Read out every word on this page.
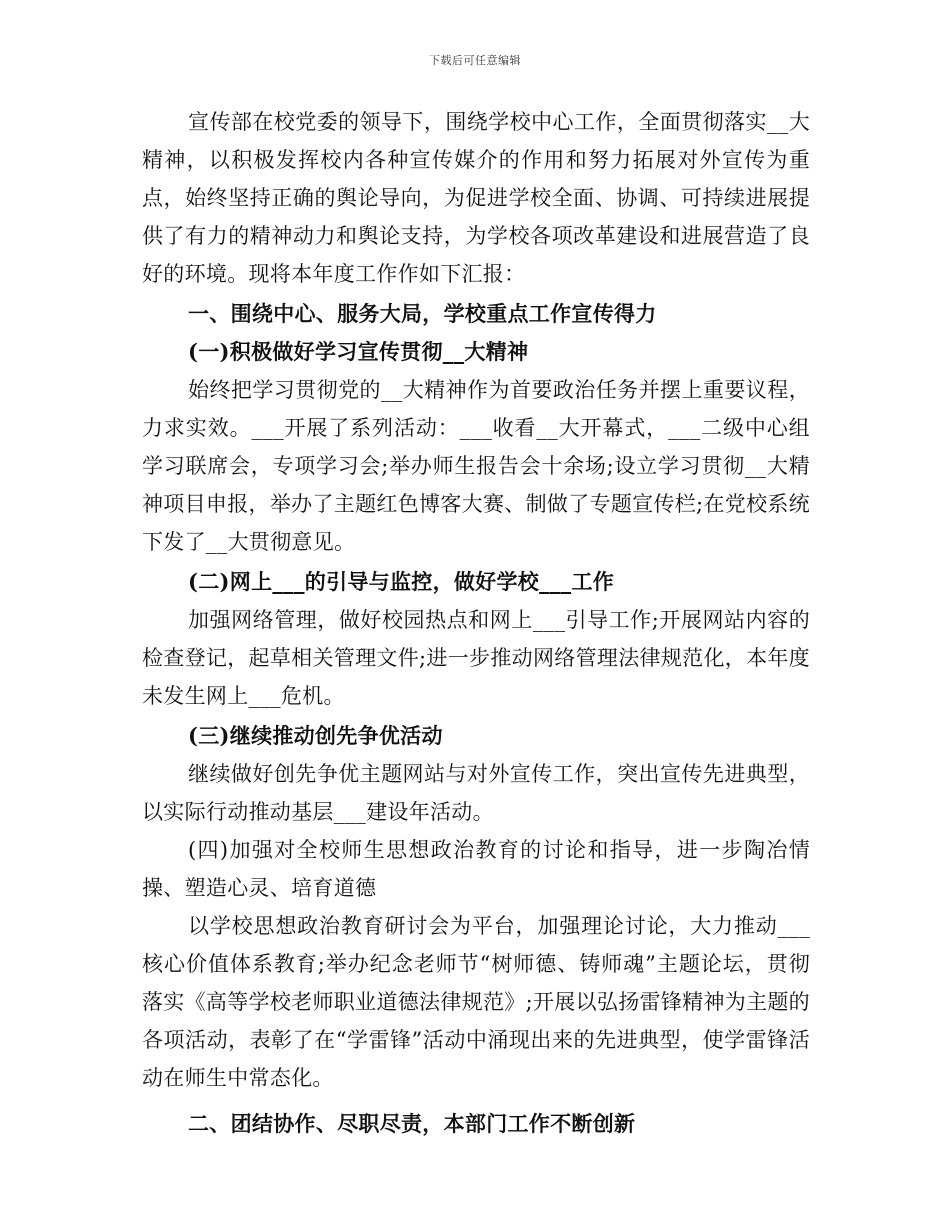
下载后可任意编辑

宣传部在校党委的领导下，围绕学校中心工作，全面贯彻落实__大精神，以积极发挥校内各种宣传媒介的作用和努力拓展对外宣传为重点，始终坚持正确的舆论导向，为促进学校全面、协调、可持续进展提供了有力的精神动力和舆论支持，为学校各项改革建设和进展营造了良好的环境。现将本年度工作作如下汇报：

一、围绕中心、服务大局，学校重点工作宣传得力

(一)积极做好学习宣传贯彻__大精神

始终把学习贯彻党的__大精神作为首要政治任务并摆上重要议程，力求实效。___开展了系列活动：___收看__大开幕式，___二级中心组学习联席会，专项学习会;举办师生报告会十余场;设立学习贯彻__大精神项目申报，举办了主题红色博客大赛、制做了专题宣传栏;在党校系统下发了__大贯彻意见。

(二)网上___的引导与监控，做好学校___工作

加强网络管理，做好校园热点和网上___引导工作;开展网站内容的检查登记，起草相关管理文件;进一步推动网络管理法律规范化，本年度未发生网上___危机。

(三)继续推动创先争优活动

继续做好创先争优主题网站与对外宣传工作，突出宣传先进典型，以实际行动推动基层___建设年活动。

(四)加强对全校师生思想政治教育的讨论和指导，进一步陶冶情操、塑造心灵、培育道德

以学校思想政治教育研讨会为平台，加强理论讨论，大力推动___核心价值体系教育;举办纪念老师节“树师德、铸师魂”主题论坛，贯彻落实《高等学校老师职业道德法律规范》;开展以弘扬雷锋精神为主题的各项活动，表彰了在“学雷锋”活动中涌现出来的先进典型，使学雷锋活动在师生中常态化。

二、团结协作、尽职尽责，本部门工作不断创新
